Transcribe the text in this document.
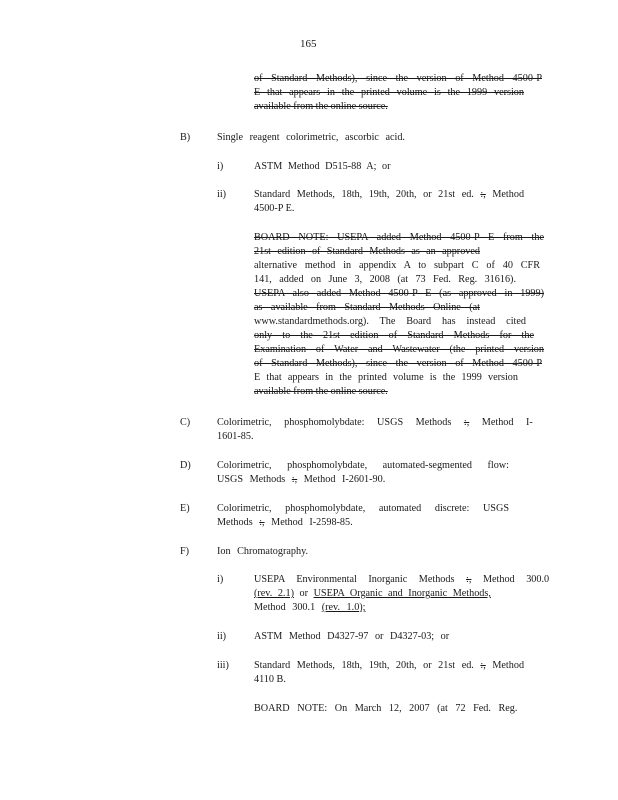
165
of Standard Methods), since the version of Method 4500-P
E that appears in the printed volume is the 1999 version
available from the online source.
B)	Single reagent colorimetric, ascorbic acid.
i)	ASTM Method D515-88 A; or
ii)	Standard Methods, 18th, 19th, 20th, or 21st ed. :, Method
4500-P E.
BOARD NOTE: USEPA added Method 4500-P E from the
21st edition of Standard Methods as an approved
alternative method in appendix A to subpart C of 40 CFR
141, added on June 3, 2008 (at 73 Fed. Reg. 31616).
USEPA also added Method 4500-P E (as approved in 1999)
as available from Standard Methods Online (at
www.standardmethods.org). The Board has instead cited
only to the 21st edition of Standard Methods for the
Examination of Water and Wastewater (the printed version
of Standard Methods), since the version of Method 4500-P
E that appears in the printed volume is the 1999 version
available from the online source.
C)	Colorimetric, phosphomolybdate: USGS Methods :, Method I-
1601-85.
D)	Colorimetric, phosphomolybdate, automated-segmented flow:
USGS Methods :, Method I-2601-90.
E)	Colorimetric, phosphomolybdate, automated discrete: USGS
Methods :, Method I-2598-85.
F)	Ion Chromatography.
i)	USEPA Environmental Inorganic Methods :, Method 300.0
(rev. 2.1) or USEPA Organic and Inorganic Methods,
Method 300.1 (rev. 1.0);
ii)	ASTM Method D4327-97 or D4327-03; or
iii) Standard Methods, 18th, 19th, 20th, or 21st ed. :, Method
4110 B.
BOARD NOTE: On March 12, 2007 (at 72 Fed. Reg.
